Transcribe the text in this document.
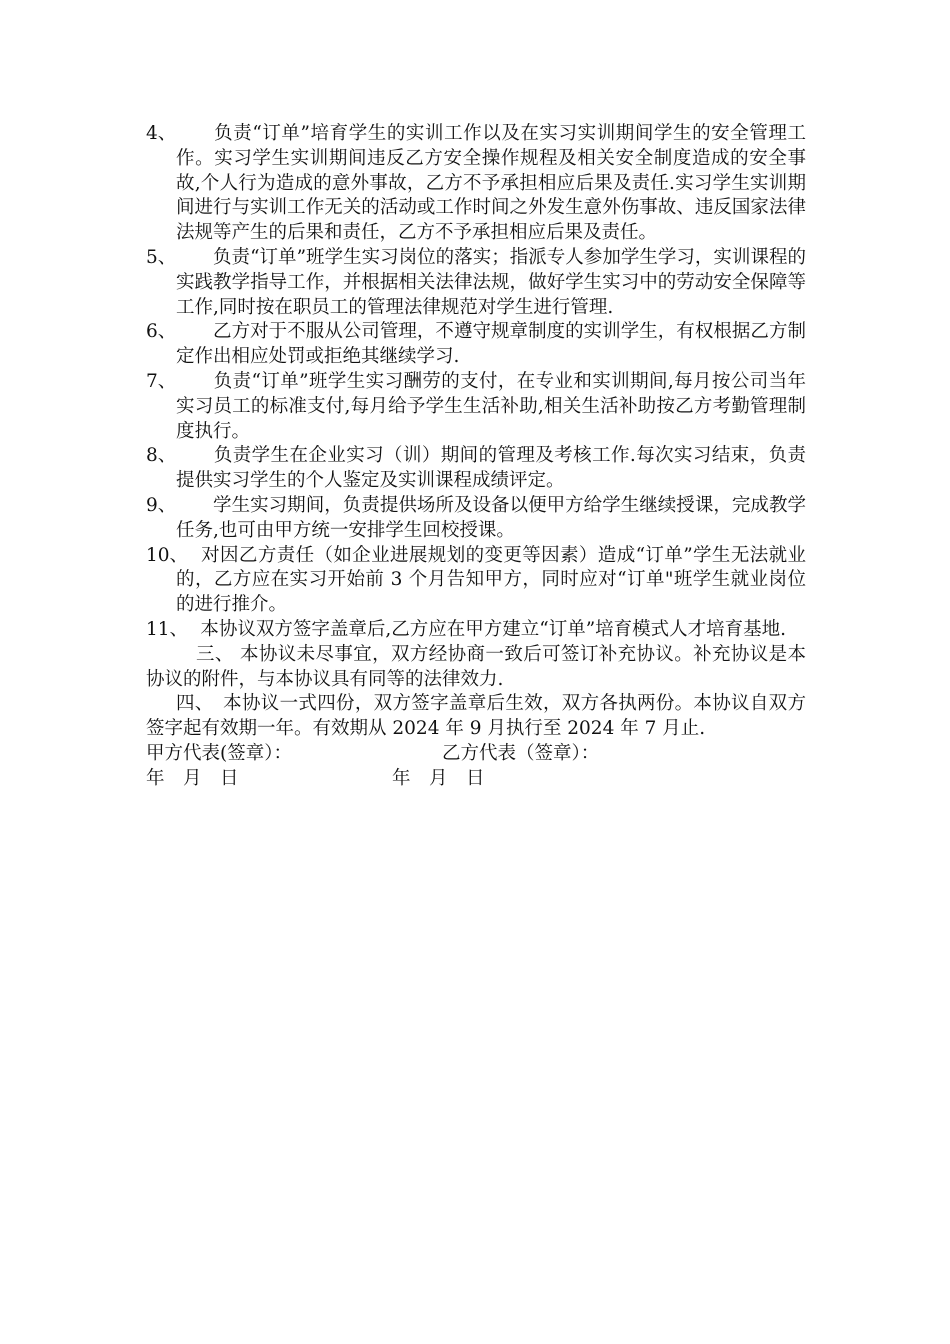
4、 　　负责“订单”培育学生的实训工作以及在实习实训期间学生的安全管理工作。实习学生实训期间违反乙方安全操作规程及相关安全制度造成的安全事故,个人行为造成的意外事故，乙方不予承担相应后果及责任.实习学生实训期间进行与实训工作无关的活动或工作时间之外发生意外伤事故、违反国家法律法规等产生的后果和责任，乙方不予承担相应后果及责任。
5、 　　负责“订单”班学生实习岗位的落实；指派专人参加学生学习，实训课程的实践教学指导工作，并根据相关法律法规，做好学生实习中的劳动安全保障等工作,同时按在职员工的管理法律规范对学生进行管理.
6、 　　乙方对于不服从公司管理，不遵守规章制度的实训学生，有权根据乙方制定作出相应处罚或拒绝其继续学习.
7、 　　负责“订单”班学生实习酬劳的支付，在专业和实训期间,每月按公司当年实习员工的标准支付,每月给予学生生活补助,相关生活补助按乙方考勤管理制度执行。
8、 　　负责学生在企业实习（训）期间的管理及考核工作.每次实习结束，负责提供实习学生的个人鉴定及实训课程成绩评定。
9、 　　学生实习期间，负责提供场所及设备以便甲方给学生继续授课，完成教学任务,也可由甲方统一安排学生回校授课。
10、
　 对因乙方责任（如企业进展规划的变更等因素）造成“订单”学生无法就业的，乙方应在实习开始前 3 个月告知甲方，同时应对“订单"班学生就业岗位的进行推介。
11、
　 本协议双方签字盖章后,乙方应在甲方建立“订单”培育模式人才培育基地.
三、 本协议未尽事宜，双方经协商一致后可签订补充协议。补充协议是本协议的附件，与本协议具有同等的法律效力.
四、　本协议一式四份，双方签字盖章后生效，双方各执两份。本协议自双方签字起有效期一年。有效期从 2024 年 9 月执行至 2024 年 7 月止.
甲方代表(签章）：	乙方代表（签章）：
年　月　日	年　月　日
